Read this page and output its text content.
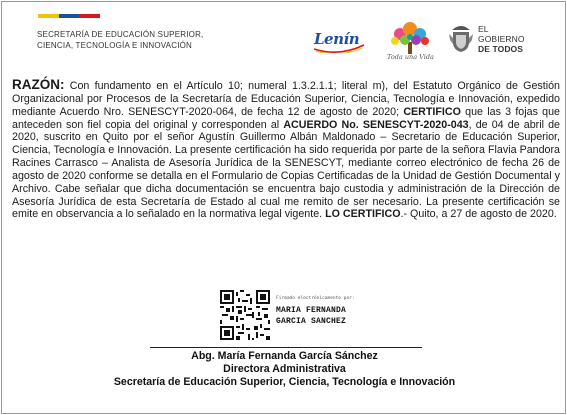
SECRETARÍA DE EDUCACIÓN SUPERIOR,
CIENCIA, TECNOLOGÍA E INNOVACIÓN	Lenín
Toda una Vida
EL
GOBIERNO
DE TODOS

RAZÓN: Con fundamento en el Artículo 10; numeral 1.3.2.1.1; literal m), del Estatuto Orgánico de Gestión Organizacional por Procesos de la Secretaría de Educación Superior, Ciencia, Tecnología e Innovación, expedido mediante Acuerdo Nro. SENESCYT-2020-064, de fecha 12 de agosto de 2020; CERTIFICO que las 3 fojas que anteceden son fiel copia del original y corresponden al ACUERDO No. SENESCYT-2020-043, de 04 de abril de 2020, suscrito en Quito por el señor Agustín Guillermo Albán Maldonado – Secretario de Educación Superior, Ciencia, Tecnología e Innovación. La presente certificación ha sido requerida por parte de la señora Flavia Pandora Racines Carrasco – Analista de Asesoría Jurídica de la SENESCYT, mediante correo electrónico de fecha 26 de agosto de 2020 conforme se detalla en el Formulario de Copias Certificadas de la Unidad de Gestión Documental y Archivo. Cabe señalar que dicha documentación se encuentra bajo custodia y administración de la Dirección de Asesoría Jurídica de esta Secretaría de Estado al cual me remito de ser necesario. La presente certificación se emite en observancia a lo señalado en la normativa legal vigente. LO CERTIFICO.- Quito, a 27 de agosto de 2020.

Firmado electrónicamente por:
MARIA FERNANDA
GARCIA SANCHEZ
Abg. María Fernanda García Sánchez
Directora Administrativa
Secretaría de Educación Superior, Ciencia, Tecnología e Innovación
